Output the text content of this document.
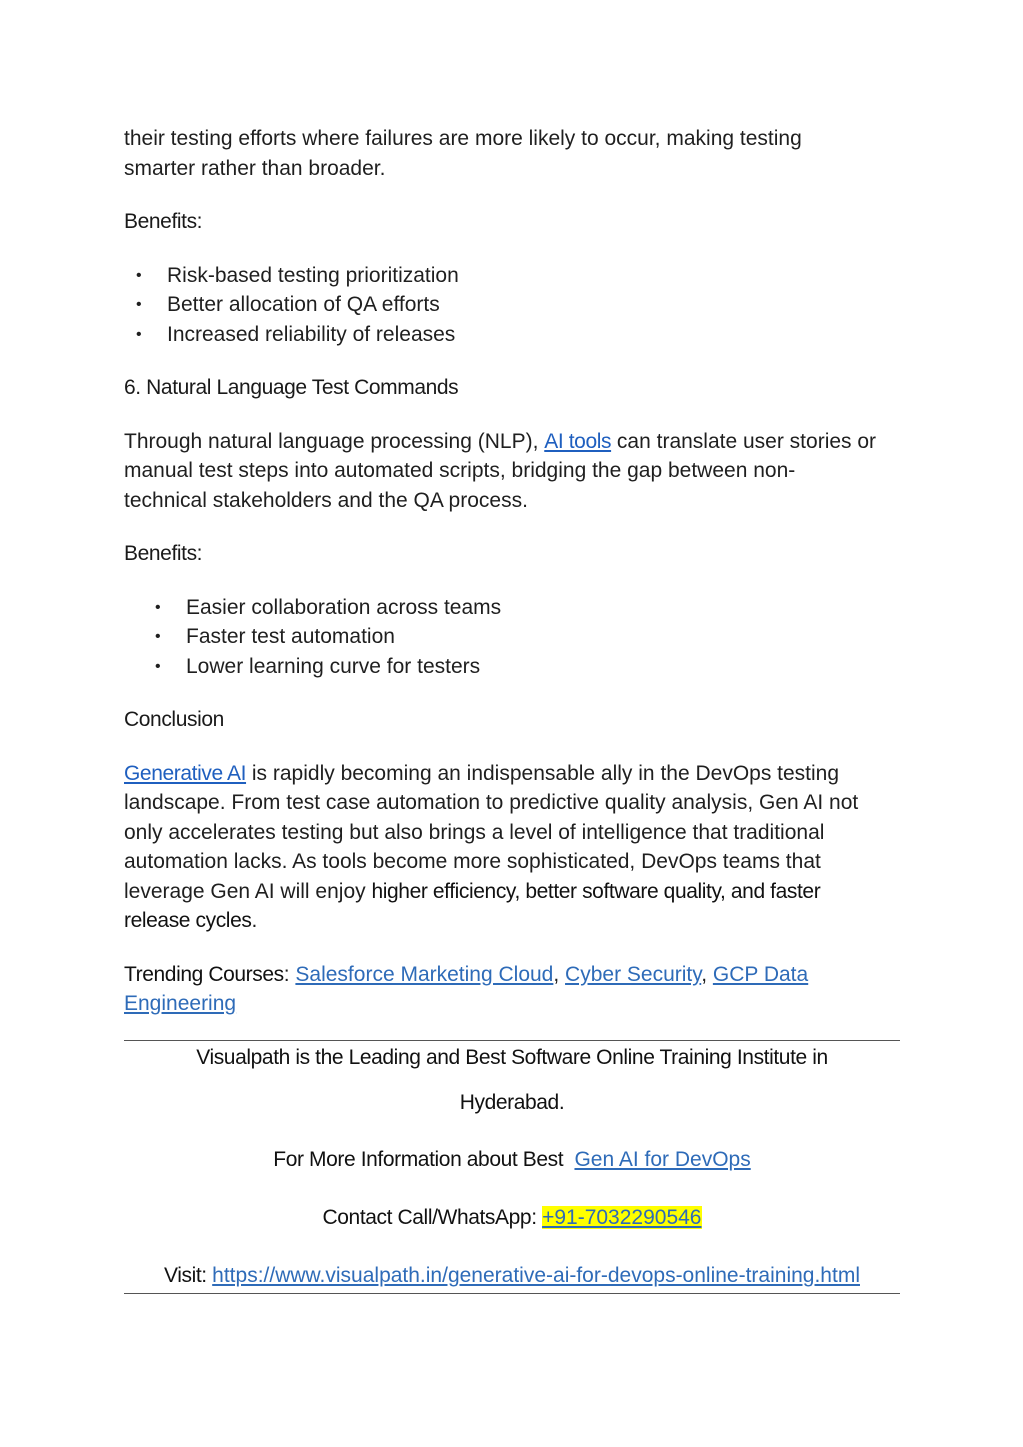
their testing efforts where failures are more likely to occur, making testing
smarter rather than broader.

Benefits:
• Risk-based testing prioritization
• Better allocation of QA efforts
• Increased reliability of releases
6. Natural Language Test Commands

Through natural language processing (NLP), AI tools can translate user stories or
manual test steps into automated scripts, bridging the gap between non-
technical stakeholders and the QA process.

Benefits:
• Easier collaboration across teams
• Faster test automation
• Lower learning curve for testers
Conclusion

Generative AI is rapidly becoming an indispensable ally in the DevOps testing
landscape. From test case automation to predictive quality analysis, Gen AI not
only accelerates testing but also brings a level of intelligence that traditional
automation lacks. As tools become more sophisticated, DevOps teams that
leverage Gen AI will enjoy higher efficiency, better software quality, and faster
release cycles.

Trending Courses: Salesforce Marketing Cloud, Cyber Security, GCP Data
Engineering

Visualpath is the Leading and Best Software Online Training Institute in
Hyderabad.
For More Information about Best  Gen AI for DevOps
Contact Call/WhatsApp: +91-7032290546
Visit: https://www.visualpath.in/generative-ai-for-devops-online-training.html
